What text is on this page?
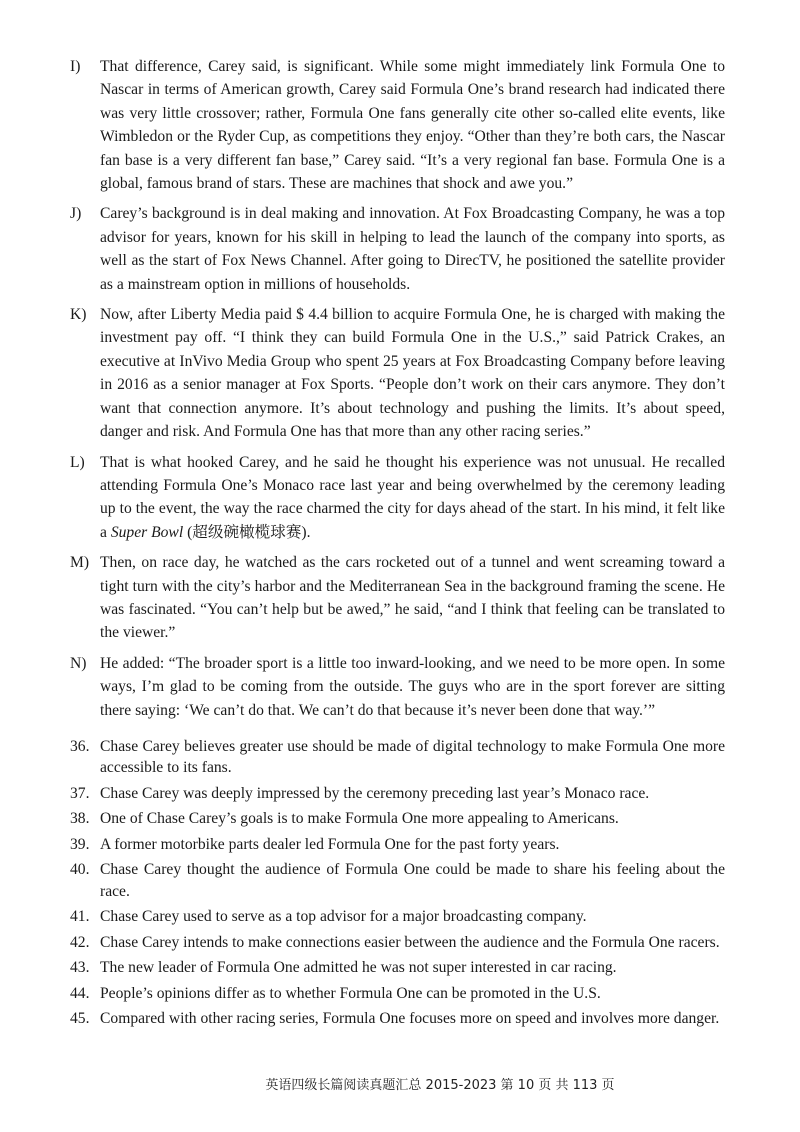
I)	That difference, Carey said, is significant. While some might immediately link Formula One to Nascar in terms of American growth, Carey said Formula One’s brand research had indicated there was very little crossover; rather, Formula One fans generally cite other so-called elite events, like Wimbledon or the Ryder Cup, as competitions they enjoy. “Other than they’re both cars, the Nascar fan base is a very different fan base,” Carey said. “It’s a very regional fan base. Formula One is a global, famous brand of stars. These are machines that shock and awe you.”
J)	Carey’s background is in deal making and innovation. At Fox Broadcasting Company, he was a top advisor for years, known for his skill in helping to lead the launch of the company into sports, as well as the start of Fox News Channel. After going to DirecTV, he positioned the satellite provider as a mainstream option in millions of households.
K) Now, after Liberty Media paid $ 4.4 billion to acquire Formula One, he is charged with making the investment pay off. “I think they can build Formula One in the U.S.,” said Patrick Crakes, an executive at InVivo Media Group who spent 25 years at Fox Broadcasting Company before leaving in 2016 as a senior manager at Fox Sports. “People don’t work on their cars anymore. They don’t want that connection anymore. It’s about technology and pushing the limits. It’s about speed, danger and risk. And Formula One has that more than any other racing series.”
L) That is what hooked Carey, and he said he thought his experience was not unusual. He recalled attending Formula One’s Monaco race last year and being overwhelmed by the ceremony leading up to the event, the way the race charmed the city for days ahead of the start. In his mind, it felt like a Super Bowl (超级碗橄榄球赛).
M) Then, on race day, he watched as the cars rocketed out of a tunnel and went screaming toward a tight turn with the city’s harbor and the Mediterranean Sea in the background framing the scene. He was fascinated. “You can’t help but be awed,” he said, “and I think that feeling can be translated to the viewer.”
N) He added: “The broader sport is a little too inward-looking, and we need to be more open. In some ways, I’m glad to be coming from the outside. The guys who are in the sport forever are sitting there saying: ‘We can’t do that. We can’t do that because it’s never been done that way.’”
36. Chase Carey believes greater use should be made of digital technology to make Formula One more accessible to its fans.
37. Chase Carey was deeply impressed by the ceremony preceding last year’s Monaco race.
38. One of Chase Carey’s goals is to make Formula One more appealing to Americans.
39. A former motorbike parts dealer led Formula One for the past forty years.
40. Chase Carey thought the audience of Formula One could be made to share his feeling about the race.
41. Chase Carey used to serve as a top advisor for a major broadcasting company.
42. Chase Carey intends to make connections easier between the audience and the Formula One racers.
43. The new leader of Formula One admitted he was not super interested in car racing.
44. People’s opinions differ as to whether Formula One can be promoted in the U.S.
45. Compared with other racing series, Formula One focuses more on speed and involves more danger.
英语四级长篇阅读真题汇总 2015-2023 第 10 页 共 113 页
